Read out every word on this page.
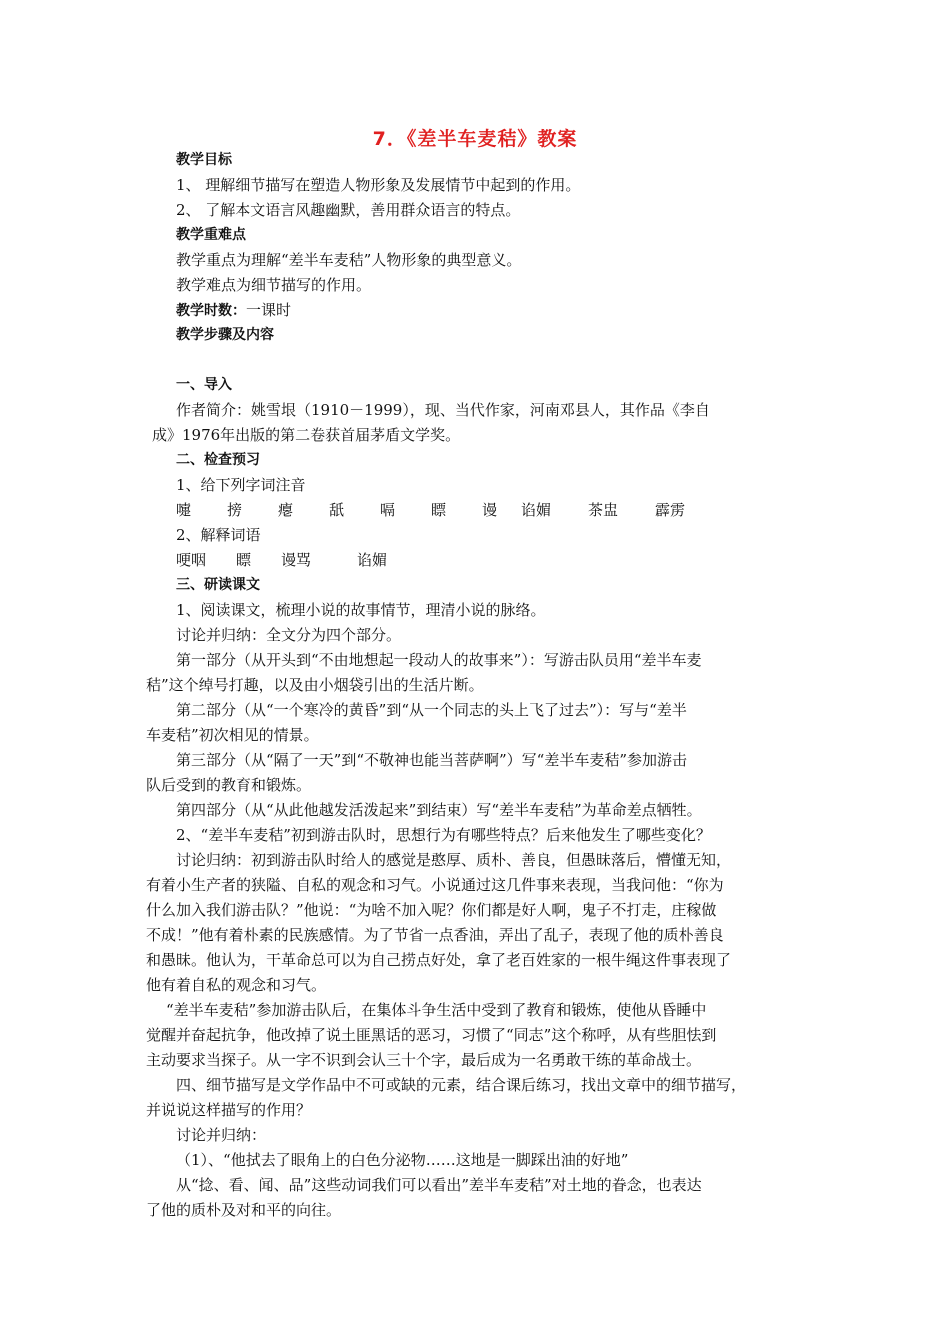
7．《差半车麦秸》教案
教学目标
1、 理解细节描写在塑造人物形象及发展情节中起到的作用。
2、 了解本文语言风趣幽默，善用群众语言的特点。
教学重难点
教学重点为理解“差半车麦秸”人物形象的典型意义。
教学难点为细节描写的作用。
教学时数：一课时
教学步骤及内容
一、导入
作者简介：姚雪垠（1910－1999），现、当代作家，河南邓县人，其作品《李自
成》1976年出版的第二卷获首届茅盾文学奖。
二、检查预习
1、给下列字词注音
嚏	搒	瘪	舐	嗝	瞟	谩	谄媚	茶盅	霹雳
2、解释词语
哽咽	瞟	谩骂	谄媚
三、研读课文
1、阅读课文，梳理小说的故事情节，理清小说的脉络。
讨论并归纳：全文分为四个部分。
第一部分（从开头到“不由地想起一段动人的故事来”）：写游击队员用“差半车麦
秸”这个绰号打趣，以及由小烟袋引出的生活片断。
第二部分（从“一个寒冷的黄昏”到“从一个同志的头上飞了过去”）：写与“差半
车麦秸”初次相见的情景。
第三部分（从“隔了一天”到“不敬神也能当菩萨啊”）写“差半车麦秸”参加游击
队后受到的教育和锻炼。
第四部分（从“从此他越发活泼起来”到结束）写“差半车麦秸”为革命差点牺牲。
2、“差半车麦秸”初到游击队时，思想行为有哪些特点？后来他发生了哪些变化？
讨论归纳：初到游击队时给人的感觉是憨厚、质朴、善良，但愚昧落后，懵懂无知，
有着小生产者的狭隘、自私的观念和习气。小说通过这几件事来表现，当我问他：“你为
什么加入我们游击队？”他说：“为啥不加入呢？你们都是好人啊，鬼子不打走，庄稼做
不成！”他有着朴素的民族感情。为了节省一点香油，弄出了乱子，表现了他的质朴善良
和愚昧。他认为，干革命总可以为自己捞点好处，拿了老百姓家的一根牛绳这件事表现了
他有着自私的观念和习气。
“差半车麦秸”参加游击队后，在集体斗争生活中受到了教育和锻炼，使他从昏睡中
觉醒并奋起抗争，他改掉了说土匪黑话的恶习，习惯了“同志”这个称呼，从有些胆怯到
主动要求当探子。从一字不识到会认三十个字，最后成为一名勇敢干练的革命战士。
四、细节描写是文学作品中不可或缺的元素，结合课后练习，找出文章中的细节描写，
并说说这样描写的作用？
讨论并归纳：
（1）、“他拭去了眼角上的白色分泌物……这地是一脚踩出油的好地”
从“捻、看、闻、品”这些动词我们可以看出”差半车麦秸”对土地的眷念，也表达
了他的质朴及对和平的向往。
